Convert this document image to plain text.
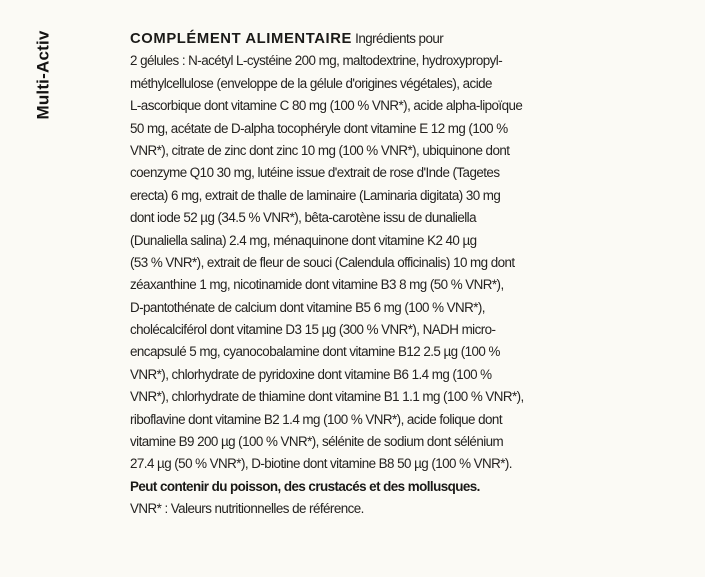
Multi-Activ	COMPLÉMENT ALIMENTAIRE Ingrédients pour
2 gélules : N-acétyl L-cystéine 200 mg, maltodextrine, hydroxypropyl-
méthylcellulose (enveloppe de la gélule d'origines végétales), acide
L-ascorbique dont vitamine C 80 mg (100 % VNR*), acide alpha-lipoïque
50 mg, acétate de D-alpha tocophéryle dont vitamine E 12 mg (100 %
VNR*), citrate de zinc dont zinc 10 mg (100 % VNR*), ubiquinone dont
coenzyme Q10 30 mg, lutéine issue d'extrait de rose d'Inde (Tagetes
erecta) 6 mg, extrait de thalle de laminaire (Laminaria digitata) 30 mg
dont iode 52 µg (34.5 % VNR*), bêta-carotène issu de dunaliella
(Dunaliella salina) 2.4 mg, ménaquinone dont vitamine K2 40 µg
(53 % VNR*), extrait de fleur de souci (Calendula officinalis) 10 mg dont
zéaxanthine 1 mg, nicotinamide dont vitamine B3 8 mg (50 % VNR*),
D-pantothénate de calcium dont vitamine B5 6 mg (100 % VNR*),
cholécalciférol dont vitamine D3 15 µg (300 % VNR*), NADH micro-
encapsulé 5 mg, cyanocobalamine dont vitamine B12 2.5 µg (100 %
VNR*), chlorhydrate de pyridoxine dont vitamine B6 1.4 mg (100 %
VNR*), chlorhydrate de thiamine dont vitamine B1 1.1 mg (100 % VNR*),
riboflavine dont vitamine B2 1.4 mg (100 % VNR*), acide folique dont
vitamine B9 200 µg (100 % VNR*), sélénite de sodium dont sélénium
27.4 µg (50 % VNR*), D-biotine dont vitamine B8 50 µg (100 % VNR*).
Peut contenir du poisson, des crustacés et des mollusques.
VNR* : Valeurs nutritionnelles de référence.
